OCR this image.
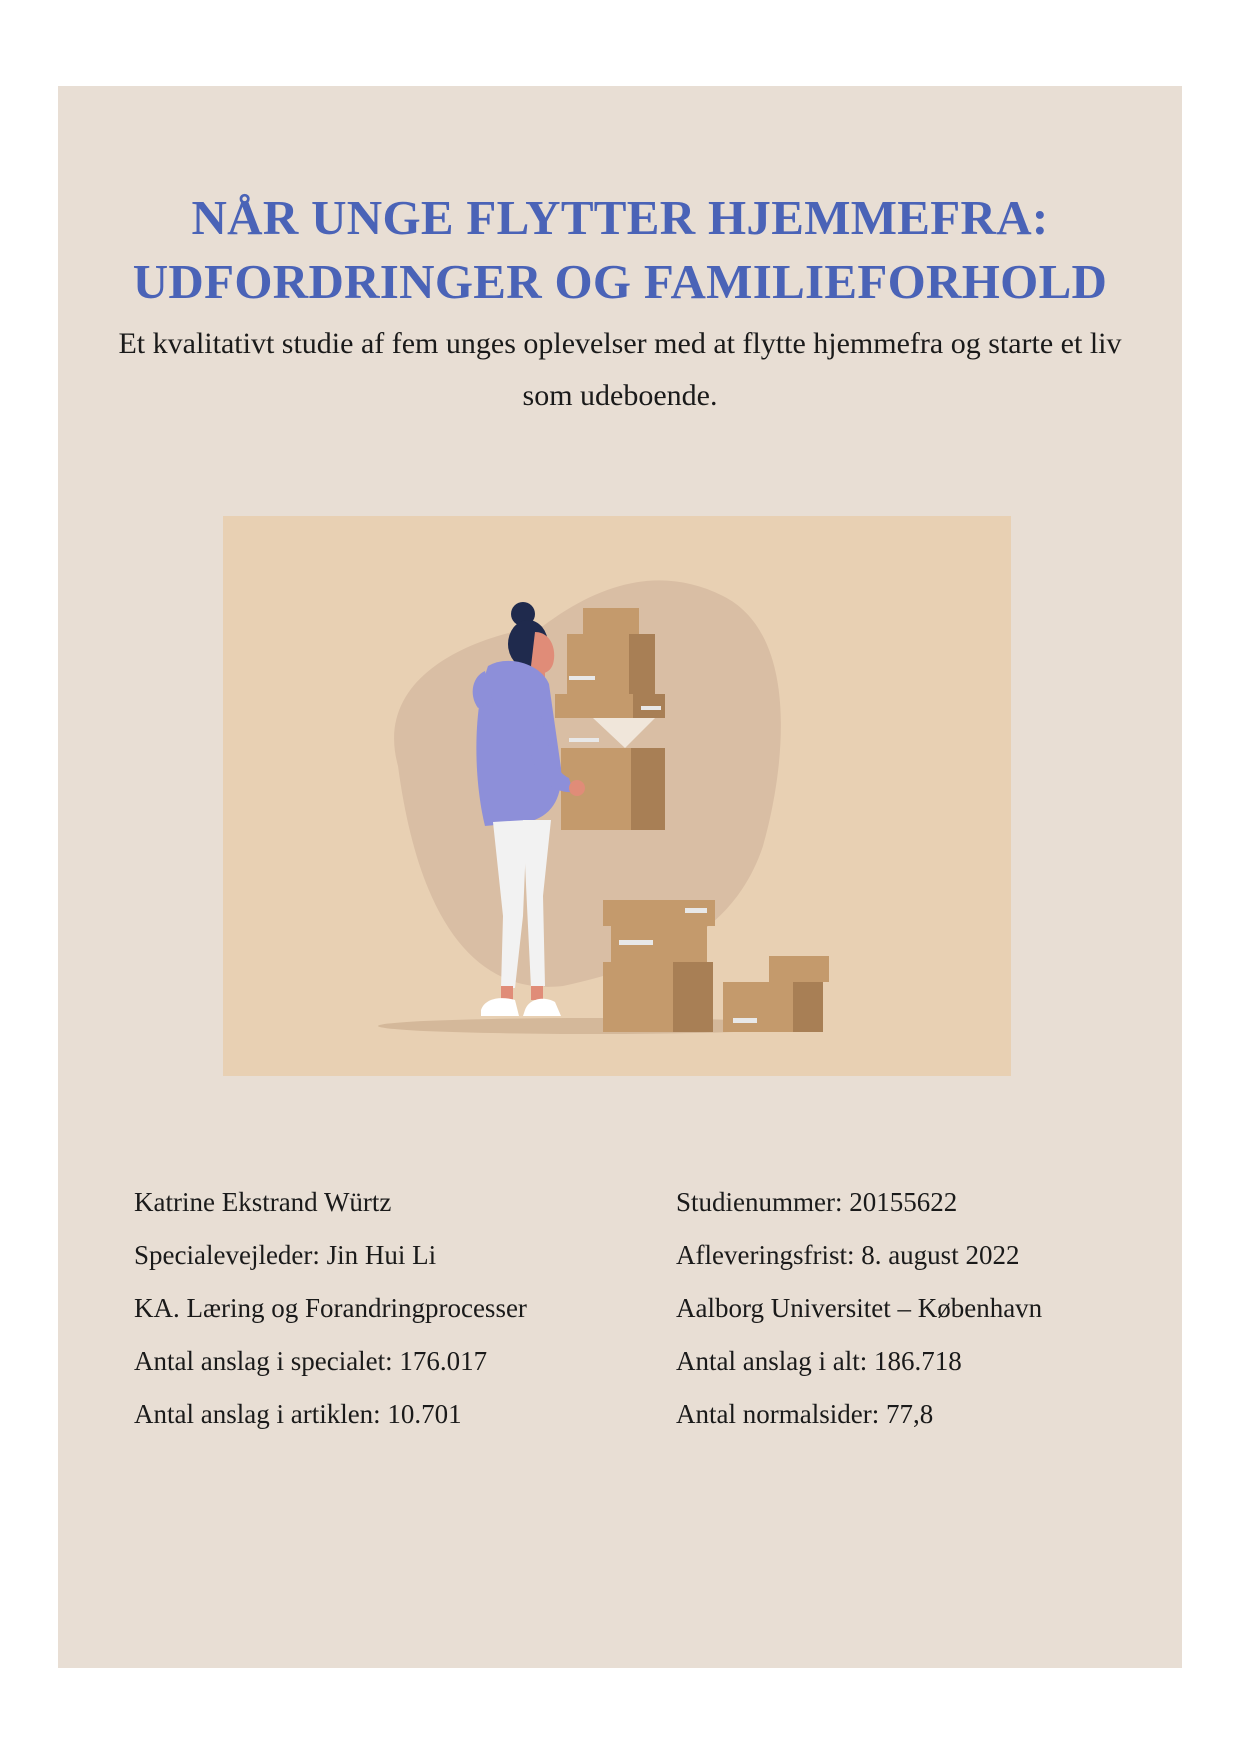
NÅR UNGE FLYTTER HJEMMEFRA:
UDFORDRINGER OG FAMILIEFORHOLD

Et kvalitativt studie af fem unges oplevelser med at flytte hjemmefra og starte et liv som udeboende.

Katrine Ekstrand Würtz
Specialevejleder: Jin Hui Li
KA. Læring og Forandringprocesser
Antal anslag i specialet: 176.017
Antal anslag i artiklen: 10.701
Studienummer: 20155622
Afleveringsfrist: 8. august 2022
Aalborg Universitet – København
Antal anslag i alt: 186.718
Antal normalsider: 77,8
